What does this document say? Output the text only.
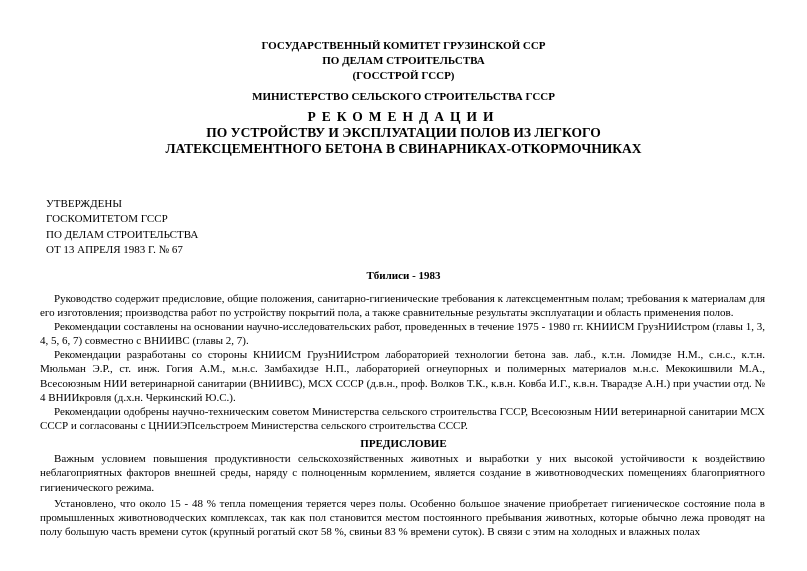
ГОСУДАРСТВЕННЫЙ КОМИТЕТ ГРУЗИНСКОЙ ССР
ПО ДЕЛАМ СТРОИТЕЛЬСТВА
(ГОССТРОЙ ГССР)
МИНИСТЕРСТВО СЕЛЬСКОГО СТРОИТЕЛЬСТВА ГССР
РЕКОМЕНДАЦИИ
ПО УСТРОЙСТВУ И ЭКСПЛУАТАЦИИ ПОЛОВ ИЗ ЛЕГКОГО
ЛАТЕКСЦЕМЕНТНОГО БЕТОНА В СВИНАРНИКАХ-ОТКОРМОЧНИКАХ
УТВЕРЖДЕНЫ
ГОСКОМИТЕТОМ ГССР
ПО ДЕЛАМ СТРОИТЕЛЬСТВА
ОТ 13 АПРЕЛЯ 1983 Г. № 67
Тбилиси - 1983

Руководство содержит предисловие, общие положения, санитарно-гигиенические требования к латексцементным полам; требования к материалам для его изготовления; производства работ по устройству покрытий пола, а также сравнительные результаты эксплуатации и область применения полов.

Рекомендации составлены на основании научно-исследовательских работ, проведенных в течение 1975 - 1980 гг. КНИИСМ ГрузНИИстром (главы 1, 3, 4, 5, 6, 7) совместно с ВНИИВС (главы 2, 7).

Рекомендации разработаны со стороны КНИИСМ ГрузНИИстром лабораторией технологии бетона зав. лаб., к.т.н. Ломидзе Н.М., с.н.с., к.т.н. Мюльман Э.Р., ст. инж. Гогия А.М., м.н.с. Замбахидзе Н.П., лабораторией огнеупорных и полимерных материалов м.н.с. Мекокишвили М.А., Всесоюзным НИИ ветеринарной санитарии (ВНИИВС), МСХ СССР (д.в.н., проф. Волков Т.К., к.в.н. Ковба И.Г., к.в.н. Тварадзе А.Н.) при участии отд. № 4 ВНИИкровля (д.х.н. Черкинский Ю.С.).

Рекомендации одобрены научно-техническим советом Министерства сельского строительства ГССР, Всесоюзным НИИ ветеринарной санитарии МСХ СССР и согласованы с ЦНИИЭПсельстроем Министерства сельского строительства СССР.

ПРЕДИСЛОВИЕ

Важным условием повышения продуктивности сельскохозяйственных животных и выработки у них высокой устойчивости к воздействию неблагоприятных факторов внешней среды, наряду с полноценным кормлением, является создание в животноводческих помещениях благоприятного гигиенического режима.

Установлено, что около 15 - 48 % тепла помещения теряется через полы. Особенно большое значение приобретает гигиеническое состояние пола в промышленных животноводческих комплексах, так как пол становится местом постоянного пребывания животных, которые обычно лежа проводят на полу большую часть времени суток (крупный рогатый скот 58 %, свиньи 83 % времени суток). В связи с этим на холодных и влажных полах
